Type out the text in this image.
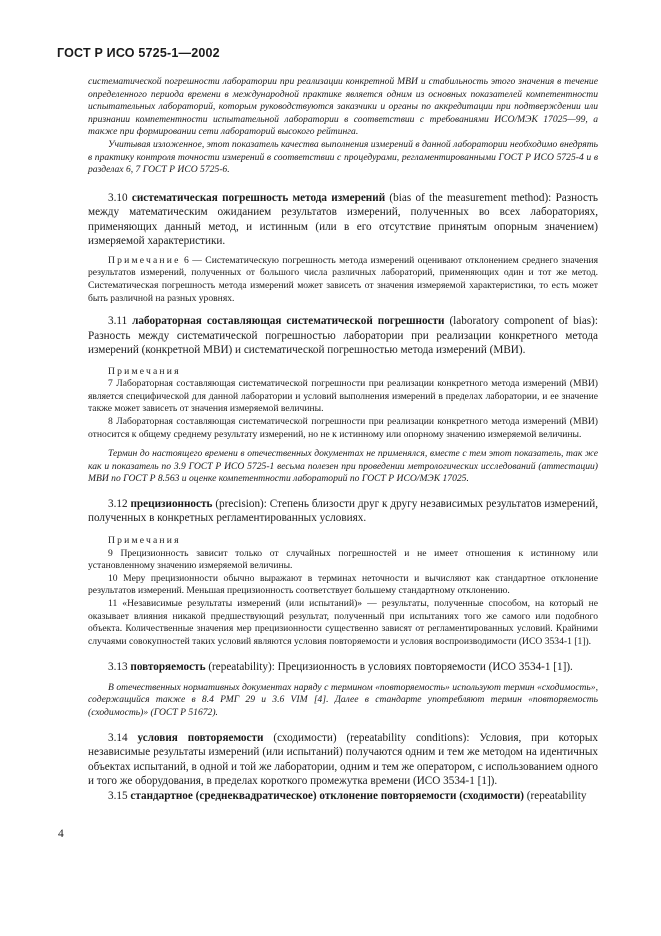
ГОСТ Р ИСО 5725-1—2002

систематической погрешности лаборатории при реализации конкретной МВИ и стабильность этого значения в течение определенного периода времени в международной практике является одним из основных показателей компетентности испытательных лабораторий, которым руководствуются заказчики и органы по аккредитации при подтверждении или признании компетентности испытательной лаборатории в соответствии с требованиями ИСО/МЭК 17025—99, а также при формировании сети лабораторий высокого рейтинга.

Учитывая изложенное, этот показатель качества выполнения измерений в данной лаборатории необходимо внедрять в практику контроля точности измерений в соответствии с процедурами, регламентированными ГОСТ Р ИСО 5725-4 и в разделах 6, 7 ГОСТ Р ИСО 5725-6.

3.10 систематическая погрешность метода измерений (bias of the measurement method): Разность между математическим ожиданием результатов измерений, полученных во всех лабораториях, применяющих данный метод, и истинным (или в его отсутствие принятым опорным значением) измеряемой характеристики.

Примечание 6 — Систематическую погрешность метода измерений оценивают отклонением среднего значения результатов измерений, полученных от большого числа различных лабораторий, применяющих один и тот же метод. Систематическая погрешность метода измерений может зависеть от значения измеряемой характеристики, то есть может быть различной на разных уровнях.

3.11 лабораторная составляющая систематической погрешности (laboratory component of bias): Разность между систематической погрешностью лаборатории при реализации конкретного метода измерений (конкретной МВИ) и систематической погрешностью метода измерений (МВИ).

Примечания

7 Лабораторная составляющая систематической погрешности при реализации конкретного метода измерений (МВИ) является специфической для данной лаборатории и условий выполнения измерений в пределах лаборатории, и ее значение также может зависеть от значения измеряемой величины.

8 Лабораторная составляющая систематической погрешности при реализации конкретного метода измерений (МВИ) относится к общему среднему результату измерений, но не к истинному или опорному значению измеряемой величины.

Термин до настоящего времени в отечественных документах не применялся, вместе с тем этот показатель, так же как и показатель по 3.9 ГОСТ Р ИСО 5725-1 весьма полезен при проведении метрологических исследований (аттестации) МВИ по ГОСТ Р 8.563 и оценке компетентности лабораторий по ГОСТ Р ИСО/МЭК 17025.

3.12 прецизионность (precision): Степень близости друг к другу независимых результатов измерений, полученных в конкретных регламентированных условиях.

Примечания

9 Прецизионность зависит только от случайных погрешностей и не имеет отношения к истинному или установленному значению измеряемой величины.

10 Меру прецизионности обычно выражают в терминах неточности и вычисляют как стандартное отклонение результатов измерений. Меньшая прецизионность соответствует большему стандартному отклонению.

11 «Независимые результаты измерений (или испытаний)» — результаты, полученные способом, на который не оказывает влияния никакой предшествующий результат, полученный при испытаниях того же самого или подобного объекта. Количественные значения мер прецизионности существенно зависят от регламентированных условий. Крайними случаями совокупностей таких условий являются условия повторяемости и условия воспроизводимости (ИСО 3534-1 [1]).

3.13 повторяемость (repeatability): Прецизионность в условиях повторяемости (ИСО 3534-1 [1]).

В отечественных нормативных документах наряду с термином «повторяемость» используют термин «сходимость», содержащийся также в 8.4 РМГ 29 и 3.6 VIM [4]. Далее в стандарте употребляют термин «повторяемость (сходимость)» (ГОСТ Р 51672).

3.14 условия повторяемости (сходимости) (repeatability conditions): Условия, при которых независимые результаты измерений (или испытаний) получаются одним и тем же методом на идентичных объектах испытаний, в одной и той же лаборатории, одним и тем же оператором, с использованием одного и того же оборудования, в пределах короткого промежутка времени (ИСО 3534-1 [1]).

3.15 стандартное (среднеквадратическое) отклонение повторяемости (сходимости) (repeatability

4
